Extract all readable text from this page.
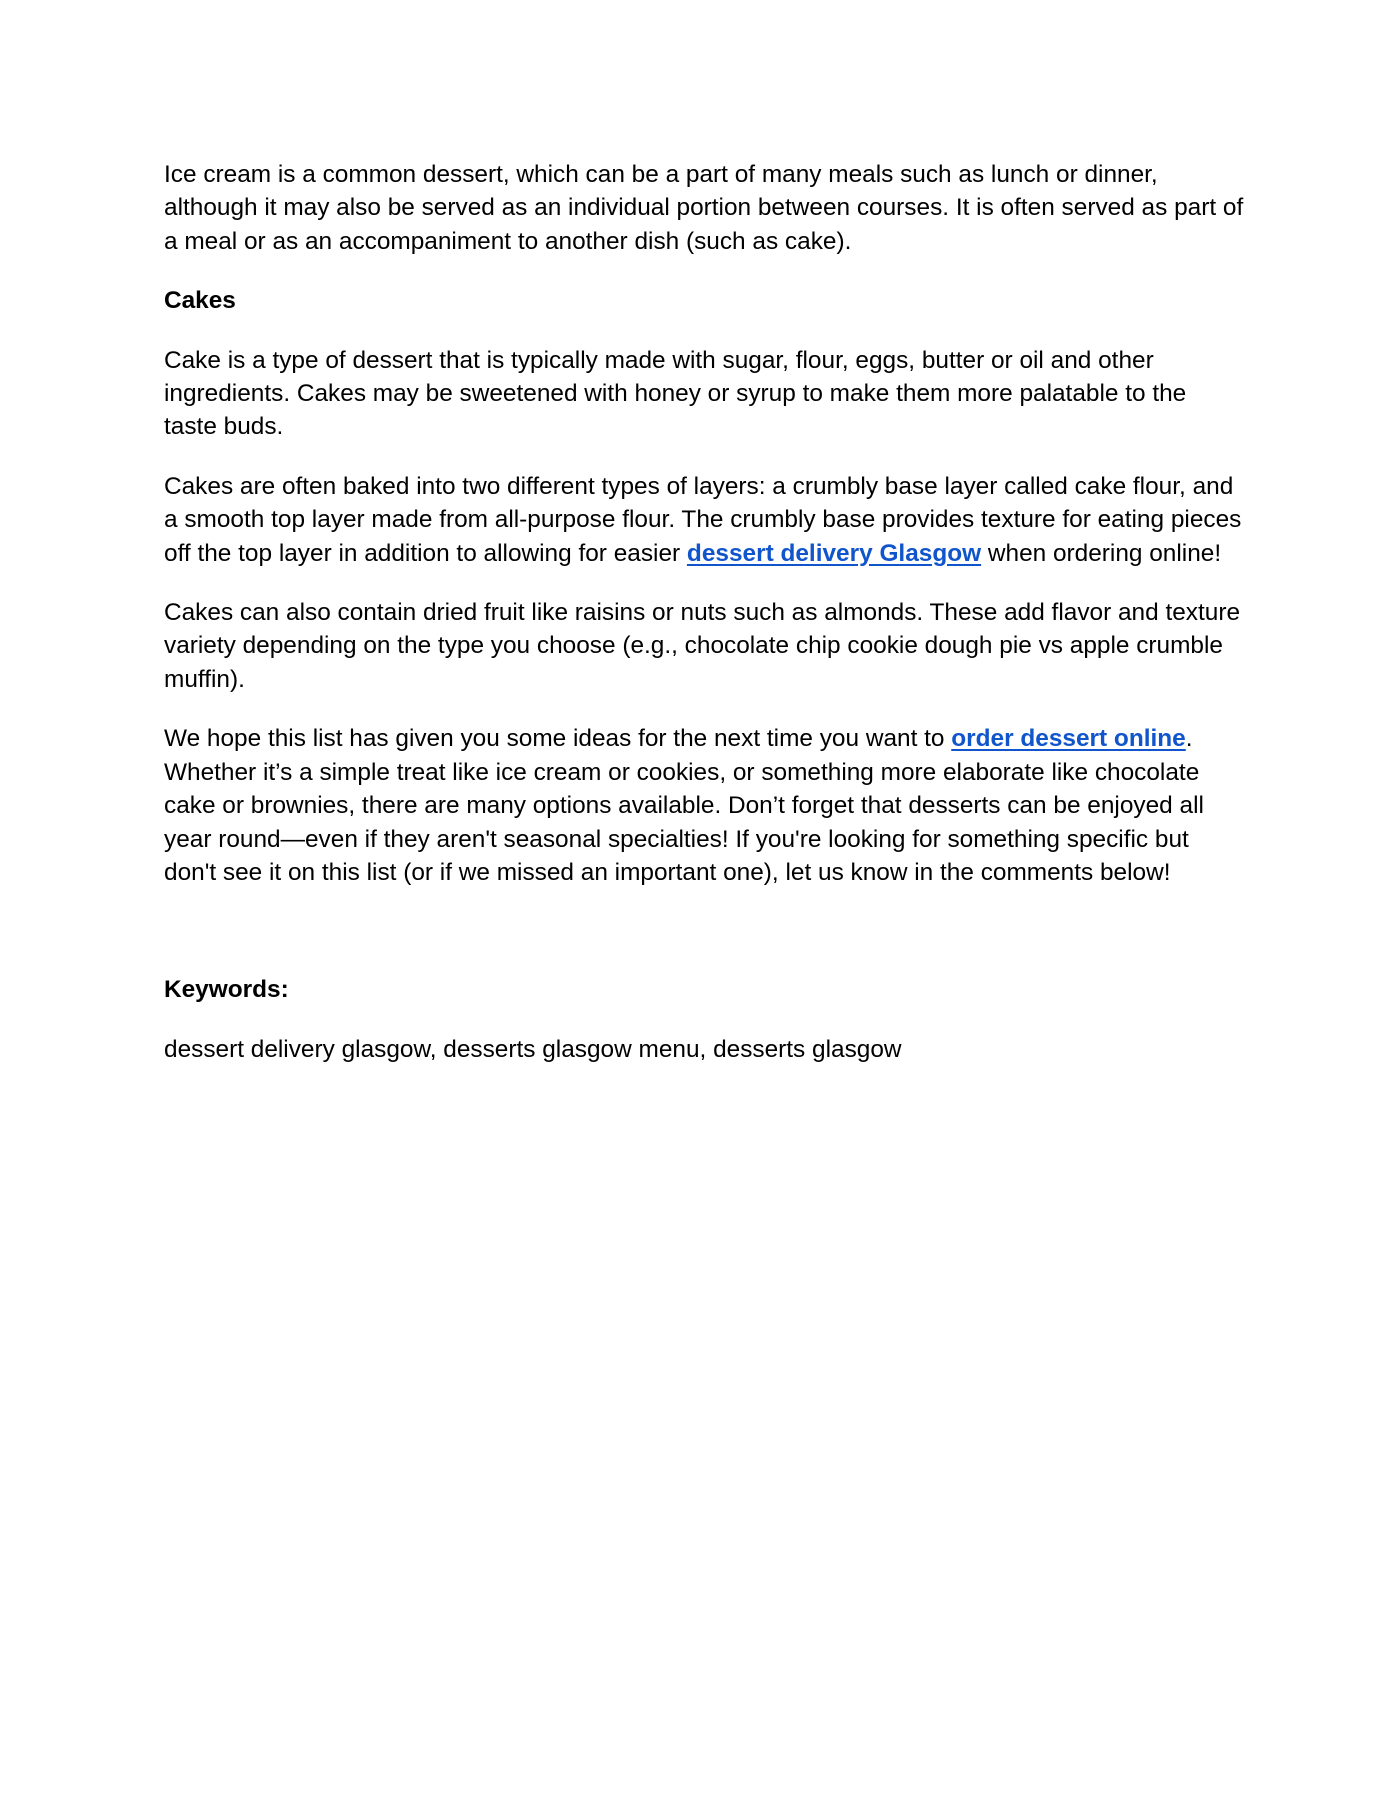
Ice cream is a common dessert, which can be a part of many meals such as lunch or dinner, although it may also be served as an individual portion between courses. It is often served as part of a meal or as an accompaniment to another dish (such as cake).

Cakes

Cake is a type of dessert that is typically made with sugar, flour, eggs, butter or oil and other ingredients. Cakes may be sweetened with honey or syrup to make them more palatable to the taste buds.

Cakes are often baked into two different types of layers: a crumbly base layer called cake flour, and a smooth top layer made from all-purpose flour. The crumbly base provides texture for eating pieces off the top layer in addition to allowing for easier dessert delivery Glasgow when ordering online!

Cakes can also contain dried fruit like raisins or nuts such as almonds. These add flavor and texture variety depending on the type you choose (e.g., chocolate chip cookie dough pie vs apple crumble muffin).

We hope this list has given you some ideas for the next time you want to order dessert online. Whether it’s a simple treat like ice cream or cookies, or something more elaborate like chocolate cake or brownies, there are many options available. Don’t forget that desserts can be enjoyed all year round—even if they aren't seasonal specialties! If you're looking for something specific but don't see it on this list (or if we missed an important one), let us know in the comments below!

Keywords:

dessert delivery glasgow, desserts glasgow menu, desserts glasgow
